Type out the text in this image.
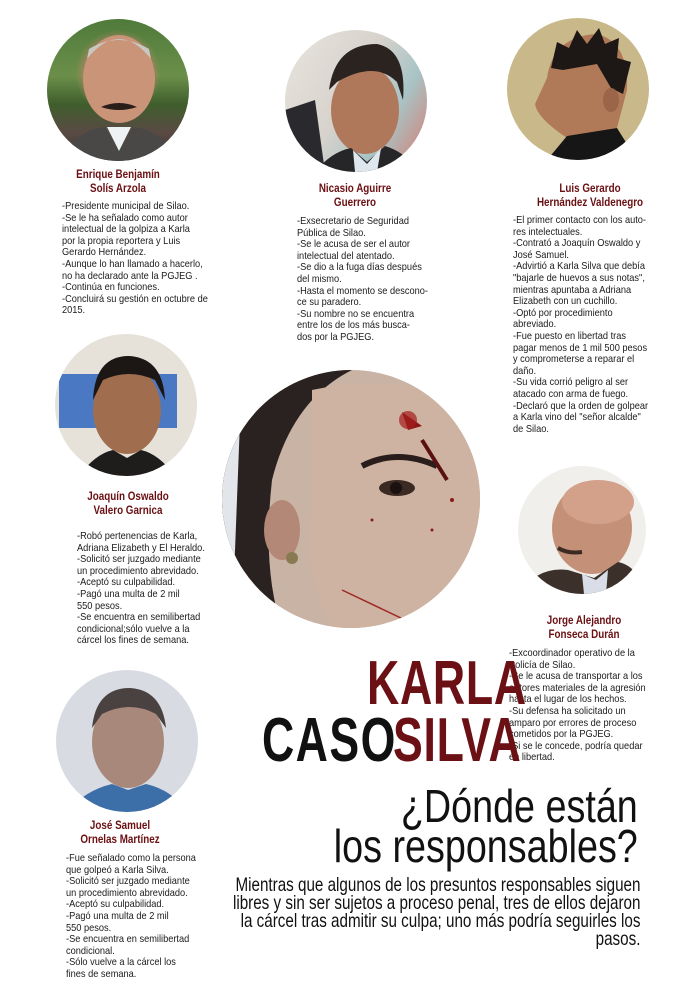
Enrique Benjamín
Solís Arzola
-Presidente municipal de Silao.
-Se le ha señalado como autor
intelectual de la golpiza a Karla
por la propia reportera y Luis
Gerardo Hernández.
-Aunque lo han llamado a hacerlo,
no ha declarado ante la PGJEG .
-Continúa en funciones.
-Concluirá su gestión en octubre de
2015.
Nicasio Aguirre
Guerrero
-Exsecretario de Seguridad
Pública de Silao.
-Se le acusa de ser el autor
intelectual del atentado.
-Se dio a la fuga días después
del mismo.
-Hasta el momento se descono-
ce su paradero.
-Su nombre no se encuentra
entre los de los más busca-
dos por la PGJEG.
Luis Gerardo
Hernández Valdenegro
-El primer contacto con los auto-
res intelectuales.
-Contrató a Joaquín Oswaldo y
José Samuel.
-Advirtió a Karla Silva que debía
"bajarle de huevos a sus notas",
mientras apuntaba a Adriana
Elizabeth con un cuchillo.
-Optó por procedimiento
abreviado.
-Fue puesto en libertad tras
pagar menos de 1 mil 500 pesos
y comprometerse a reparar el
daño.
-Su vida corrió peligro al ser
atacado con arma de fuego.
-Declaró que la orden de golpear
a Karla vino del "señor alcalde"
de Silao.
Joaquín Oswaldo
Valero Garnica
-Robó pertenencias de Karla,
Adriana Elizabeth y El Heraldo.
-Solicitó ser juzgado mediante
un procedimiento abrevidado.
-Aceptó su culpabilidad.
-Pagó una multa de 2 mil
550 pesos.
-Se encuentra en semilibertad
condicional;sólo vuelve a la
cárcel los fines de semana.
Jorge Alejandro
Fonseca Durán
-Excoordinador operativo de la
Policía de Silao.
-Se le acusa de transportar a los
autores materiales de la agresión
hasta el lugar de los hechos.
-Su defensa ha solicitado un
amparo por errores de proceso
cometidos por la PGJEG.
-Si se le concede, podría quedar
en libertad.
José Samuel
Ornelas Martínez
-Fue señalado como la persona
que golpeó a Karla Silva.
-Solicitó ser juzgado mediante
un procedimiento abrevidado.
-Aceptó su culpabilidad.
-Pagó una multa de 2 mil
550 pesos.
-Se encuentra en semilibertad
condicional.
-Sólo vuelve a la cárcel los
fines de semana.
KARLA
CASO
SILVA
¿Dónde están
los responsables?
Mientras que algunos de los presuntos responsables siguen
libres y sin ser sujetos a proceso penal, tres de ellos dejaron
la cárcel tras admitir su culpa; uno más podría seguirles los
pasos.
